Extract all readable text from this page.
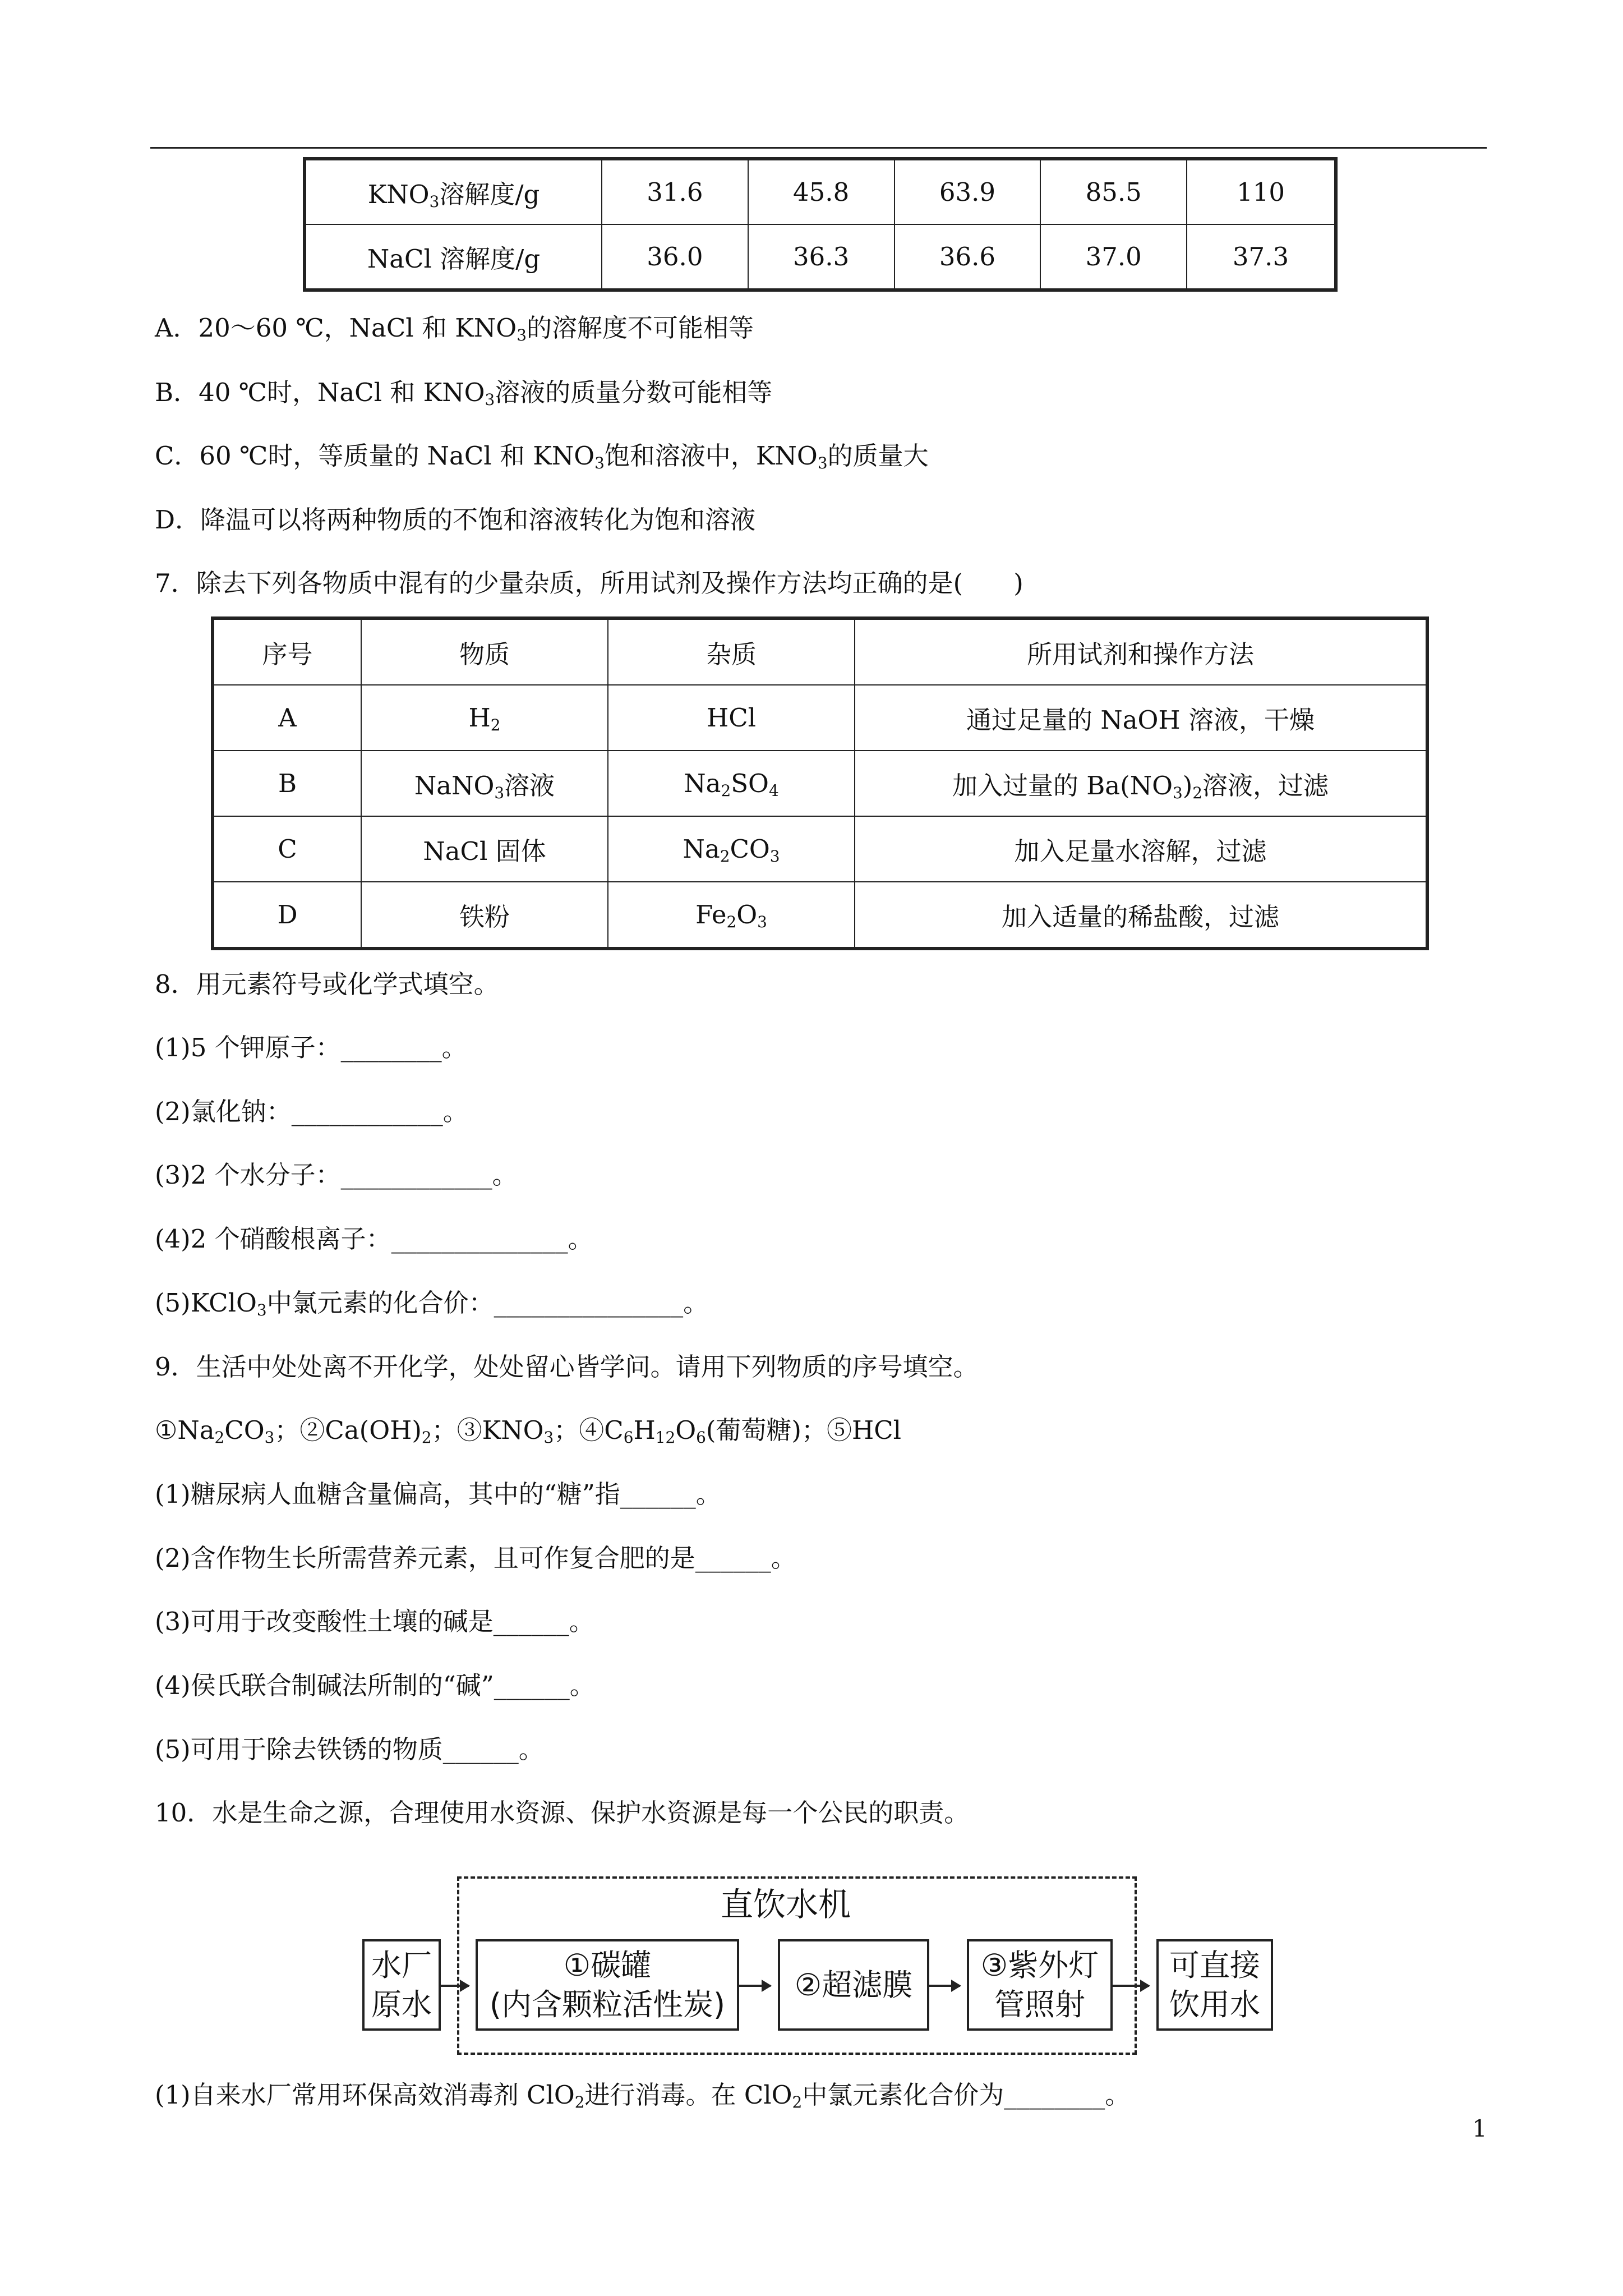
$KNO_3$溶解度/g	31.6	45.8	63.9	85.5	110
NaCl 溶解度/g	36.0	36.3	36.6	37.0	37.3
A．20～60 ℃，NaCl 和 $KNO_3$的溶解度不可能相等
B．40 ℃时，NaCl 和 $KNO_3$溶液的质量分数可能相等
C．60 ℃时，等质量的 NaCl 和 $KNO_3$饱和溶液中，$KNO_3$的质量大
D．降温可以将两种物质的不饱和溶液转化为饱和溶液
7．除去下列各物质中混有的少量杂质，所用试剂及操作方法均正确的是(　　)
序号	物质	杂质	所用试剂和操作方法
A	$H_2$	HCl	通过足量的 NaOH 溶液，干燥
B	NaNO$_3$溶液	$Na_2SO_4$	加入过量的 $Ba(NO_3)_2$溶液，过滤
C	NaCl 固体	$Na_2CO_3$	加入足量水溶解，过滤
D	铁粉	$Fe_2O_3$	加入适量的稀盐酸，过滤
8．用元素符号或化学式填空。
(1)5 个钾原子：________。
(2)氯化钠：____________。
(3)2 个水分子：____________。
(4)2 个硝酸根离子：______________。
(5)KClO$_3$中氯元素的化合价：_______________。
9．生活中处处离不开化学，处处留心皆学问。请用下列物质的序号填空。
$①Na_2CO_3$；$②Ca(OH)_2$；$③KNO_3$；$④C_6H_{12}O_6$(葡萄糖)；⑤HCl
(1)糖尿病人血糖含量偏高，其中的“糖”指______。
(2)含作物生长所需营养元素，且可作复合肥的是______。
(3)可用于改变酸性土壤的碱是______。
(4)侯氏联合制碱法所制的“碱”______。
(5)可用于除去铁锈的物质______。
10．水是生命之源，合理使用水资源、保护水资源是每一个公民的职责。
直饮水机
水厂
原水
①碳罐
(内含颗粒活性炭)
②超滤膜
③紫外灯
管照射
可直接
饮用水
(1)自来水厂常用环保高效消毒剂 ClO$_2$进行消毒。在 ClO$_2$中氯元素化合价为________。
1
